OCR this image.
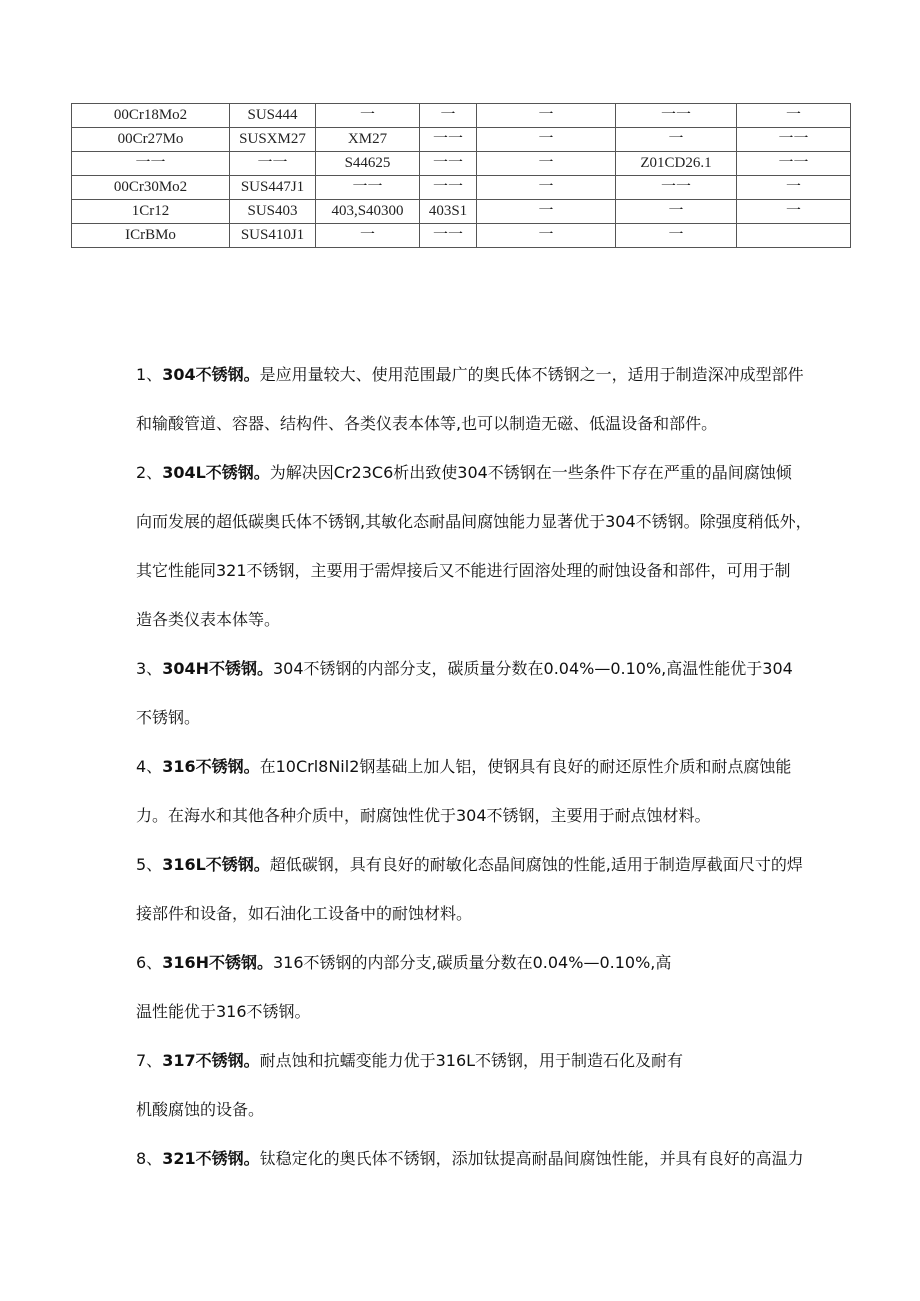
00Cr18Mo2	SUS444	一	一	一	一一	一
00Cr27Mo	SUSXM27	XM27	一一	一	一	一一
一一	一一	S44625	一一	一	Z01CD26.1	一一
00Cr30Mo2	SUS447J1	一一	一一	一	一一	一
1Cr12	SUS403	403,S40300	403S1	一	一	一
ICrBMo	SUS410J1	一	一一	一	一	
1、304不锈钢。是应用量较大、使用范围最广的奥氏体不锈钢之一，适用于制造深冲成型部件
和输酸管道、容器、结构件、各类仪表本体等,也可以制造无磁、低温设备和部件。
2、304L不锈钢。为解决因Cr23C6析出致使304不锈钢在一些条件下存在严重的晶间腐蚀倾
向而发展的超低碳奥氏体不锈钢,其敏化态耐晶间腐蚀能力显著优于304不锈钢。除强度稍低外，
其它性能同321不锈钢，主要用于需焊接后又不能进行固溶处理的耐蚀设备和部件，可用于制
造各类仪表本体等。
3、304H不锈钢。304不锈钢的内部分支，碳质量分数在0.04%—0.10%,高温性能优于304
不锈钢。
4、316不锈钢。在10Crl8Nil2钢基础上加人铝，使钢具有良好的耐还原性介质和耐点腐蚀能
力。在海水和其他各种介质中，耐腐蚀性优于304不锈钢，主要用于耐点蚀材料。
5、316L不锈钢。超低碳钢，具有良好的耐敏化态晶间腐蚀的性能,适用于制造厚截面尺寸的焊
接部件和设备，如石油化工设备中的耐蚀材料。
6、316H不锈钢。316不锈钢的内部分支,碳质量分数在0.04%—0.10%,高
温性能优于316不锈钢。
7、317不锈钢。耐点蚀和抗蠕变能力优于316L不锈钢，用于制造石化及耐有
机酸腐蚀的设备。
8、321不锈钢。钛稳定化的奥氏体不锈钢，添加钛提高耐晶间腐蚀性能，并具有良好的高温力
